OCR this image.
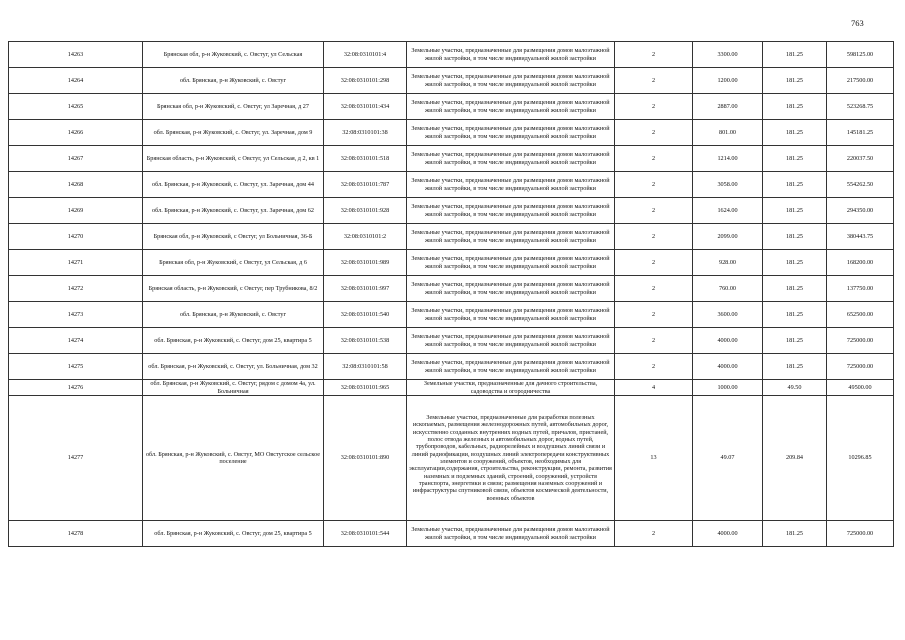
763
14263	Брянская обл, р-н Жуковский, с. Овстуг, ул Сельская	32:08:0310101:4	Земельные участки, предназначенные для размещения домов малоэтажной жилой застройки, в том числе индивидуальной жилой застройки	2	3300.00	181.25	598125.00
14264	обл. Брянская, р-н Жуковский, с. Овстуг	32:08:0310101:298	Земельные участки, предназначенные для размещения домов малоэтажной жилой застройки, в том числе индивидуальной жилой застройки	2	1200.00	181.25	217500.00
14265	Брянская обл, р-н Жуковский, с. Овстуг, ул Заречная, д 27	32:08:0310101:434	Земельные участки, предназначенные для размещения домов малоэтажной жилой застройки, в том числе индивидуальной жилой застройки	2	2887.00	181.25	523268.75
14266	обл. Брянская, р-н Жуковский, с. Овстуг, ул. Заречная, дом 9	32:08:0310101:38	Земельные участки, предназначенные для размещения домов малоэтажной жилой застройки, в том числе индивидуальной жилой застройки	2	801.00	181.25	145181.25
14267	Брянская область, р-н Жуковский, с Овстуг, ул Сельская, д 2, кв 1	32:08:0310101:518	Земельные участки, предназначенные для размещения домов малоэтажной жилой застройки, в том числе индивидуальной жилой застройки	2	1214.00	181.25	220037.50
14268	обл. Брянская, р-н Жуковский, с. Овстуг, ул. Заречная, дом 44	32:08:0310101:787	Земельные участки, предназначенные для размещения домов малоэтажной жилой застройки, в том числе индивидуальной жилой застройки	2	3058.00	181.25	554262.50
14269	обл. Брянская, р-н Жуковский, с. Овстуг, ул. Заречная, дом 62	32:08:0310101:928	Земельные участки, предназначенные для размещения домов малоэтажной жилой застройки, в том числе индивидуальной жилой застройки	2	1624.00	181.25	294350.00
14270	Брянская обл, р-н Жуковский, с Овстуг, ул Больничная, 36-Б	32:08:0310101:2	Земельные участки, предназначенные для размещения домов малоэтажной жилой застройки, в том числе индивидуальной жилой застройки	2	2099.00	181.25	380443.75
14271	Брянская обл, р-н Жуковский, с Овстуг, ул Сельская, д 6	32:08:0310101:989	Земельные участки, предназначенные для размещения домов малоэтажной жилой застройки, в том числе индивидуальной жилой застройки	2	928.00	181.25	168200.00
14272	Брянская область, р-н Жуковский, с Овстуг, пер Трубникова, 8/2	32:08:0310101:997	Земельные участки, предназначенные для размещения домов малоэтажной жилой застройки, в том числе индивидуальной жилой застройки	2	760.00	181.25	137750.00
14273	обл. Брянская, р-н Жуковский, с. Овстуг	32:08:0310101:540	Земельные участки, предназначенные для размещения домов малоэтажной жилой застройки, в том числе индивидуальной жилой застройки	2	3600.00	181.25	652500.00
14274	обл. Брянская, р-н Жуковский, с. Овстуг, дом 25, квартира 5	32:08:0310101:538	Земельные участки, предназначенные для размещения домов малоэтажной жилой застройки, в том числе индивидуальной жилой застройки	2	4000.00	181.25	725000.00
14275	обл. Брянская, р-н Жуковский, с. Овстуг, ул. Больничная, дом 32	32:08:0310101:58	Земельные участки, предназначенные для размещения домов малоэтажной жилой застройки, в том числе индивидуальной жилой застройки	2	4000.00	181.25	725000.00
14276	обл. Брянская, р-н Жуковский, с. Овстуг, рядом с домом 4а, ул. Больничная	32:08:0310101:965	Земельные участки, предназначенные для дачного строительства, садоводства и огородничества	4	1000.00	49.50	49500.00
14277	обл. Брянская, р-н Жуковский, с. Овстуг, МО Овстугское сельское поселение	32:08:0310101:890	Земельные участки, предназначенные для разработки полезных ископаемых, размещения железнодорожных путей, автомобильных дорог, искусственно созданных внутренних водных путей, причалов, пристаней, полос отвода железных и автомобильных дорог, водных путей, трубопроводов, кабельных, радиорелейных и воздушных линий связи и линий радиофикации, воздушных линий электропередачи конструктивных элементов и сооружений, объектов, необходимых для эксплуатации,содержания, строительства, реконструкции, ремонта, развития наземных и подземных зданий, строений, сооружений, устройств транспорта, энергетики и связи; размещения наземных сооружений и инфраструктуры спутниковой связи, объектов космической деятельности, военных объектов	13	49.07	209.84	10296.85
14278	обл. Брянская, р-н Жуковский, с. Овстуг, дом 25, квартира 5	32:08:0310101:544	Земельные участки, предназначенные для размещения домов малоэтажной жилой застройки, в том числе индивидуальной жилой застройки	2	4000.00	181.25	725000.00
